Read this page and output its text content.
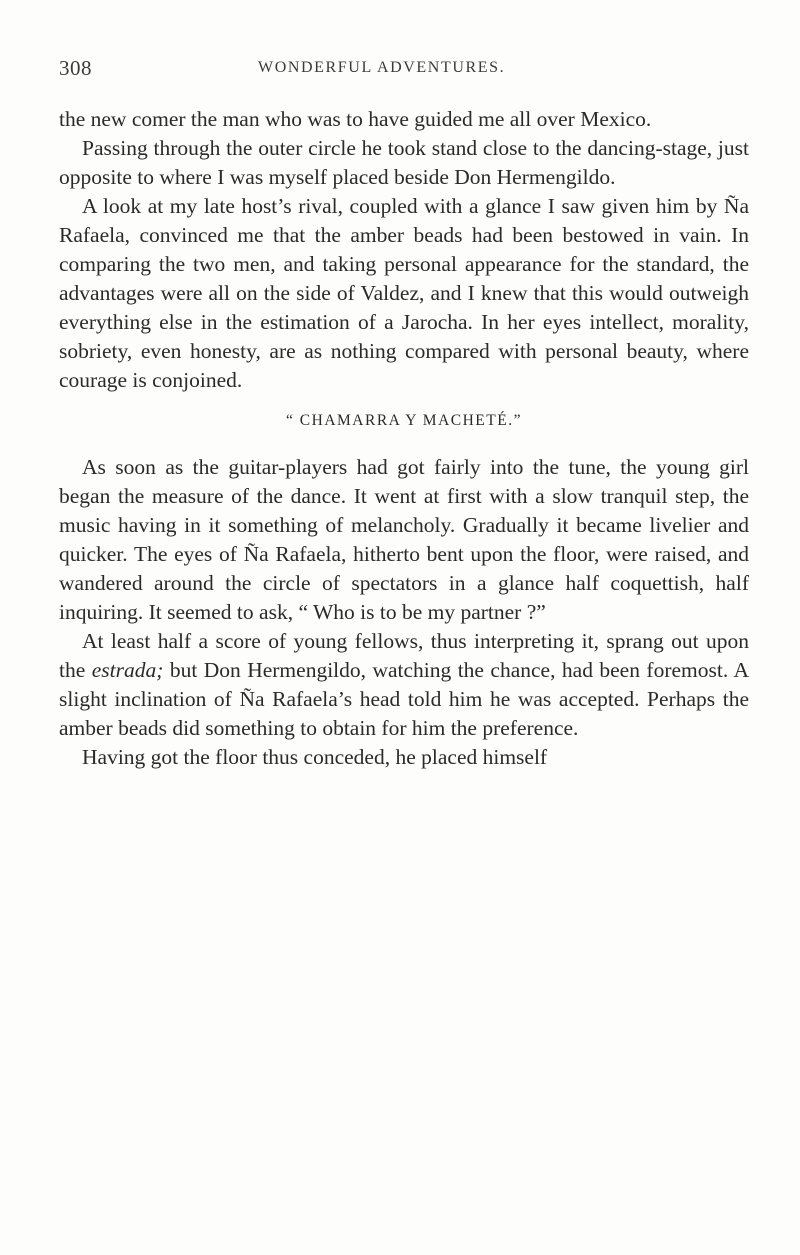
308	WONDERFUL ADVENTURES.

the new comer the man who was to have guided me all over Mexico.

Passing through the outer circle he took stand close to the dancing-stage, just opposite to where I was myself placed beside Don Hermengildo.

A look at my late host’s rival, coupled with a glance I saw given him by Ña Rafaela, convinced me that the amber beads had been bestowed in vain. In comparing the two men, and taking personal appearance for the standard, the advantages were all on the side of Valdez, and I knew that this would outweigh everything else in the estimation of a Jarocha. In her eyes intellect, morality, sobriety, even honesty, are as nothing compared with personal beauty, where courage is conjoined.

“ CHAMARRA Y MACHETÉ.”

As soon as the guitar-players had got fairly into the tune, the young girl began the measure of the dance. It went at first with a slow tranquil step, the music having in it something of melancholy. Gradually it became livelier and quicker. The eyes of Ña Rafaela, hitherto bent upon the floor, were raised, and wandered around the circle of spectators in a glance half coquettish, half inquiring. It seemed to ask, “ Who is to be my partner ?”

At least half a score of young fellows, thus interpreting it, sprang out upon the estrada; but Don Hermengildo, watching the chance, had been foremost. A slight inclination of Ña Rafaela’s head told him he was accepted. Perhaps the amber beads did something to obtain for him the preference.

Having got the floor thus conceded, he placed himself
